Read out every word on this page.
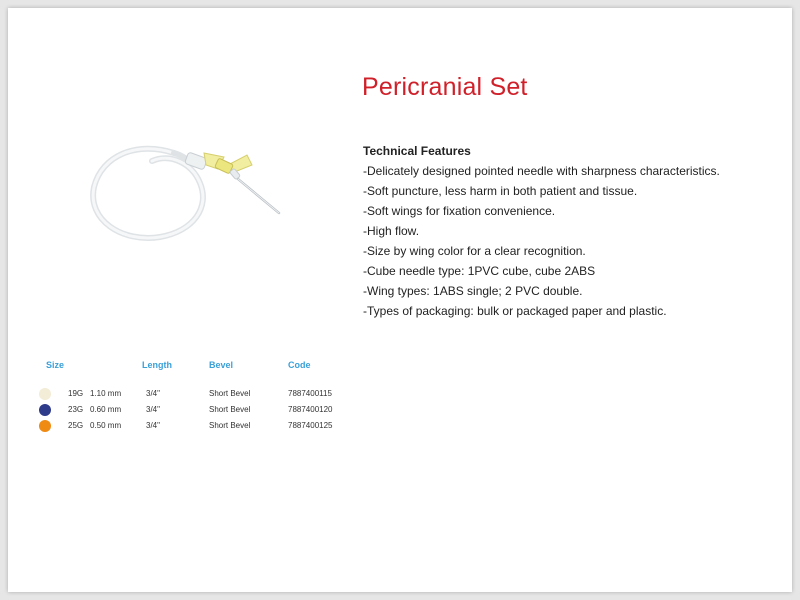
Pericranial Set
Technical Features
-Delicately designed pointed needle with sharpness characteristics.
-Soft puncture, less harm in both patient and tissue.
-Soft wings for fixation convenience.
-High flow.
-Size by wing color for a clear recognition.
-Cube needle type: 1PVC cube, cube 2ABS
-Wing types: 1ABS single; 2 PVC double.
-Types of packaging: bulk or packaged paper and plastic.
Size	Length	Bevel	Code
19G 1.10 mm	3/4"	Short Bevel	7887400115
23G 0.60 mm	3/4"	Short Bevel	7887400120
25G 0.50 mm	3/4"	Short Bevel	7887400125
